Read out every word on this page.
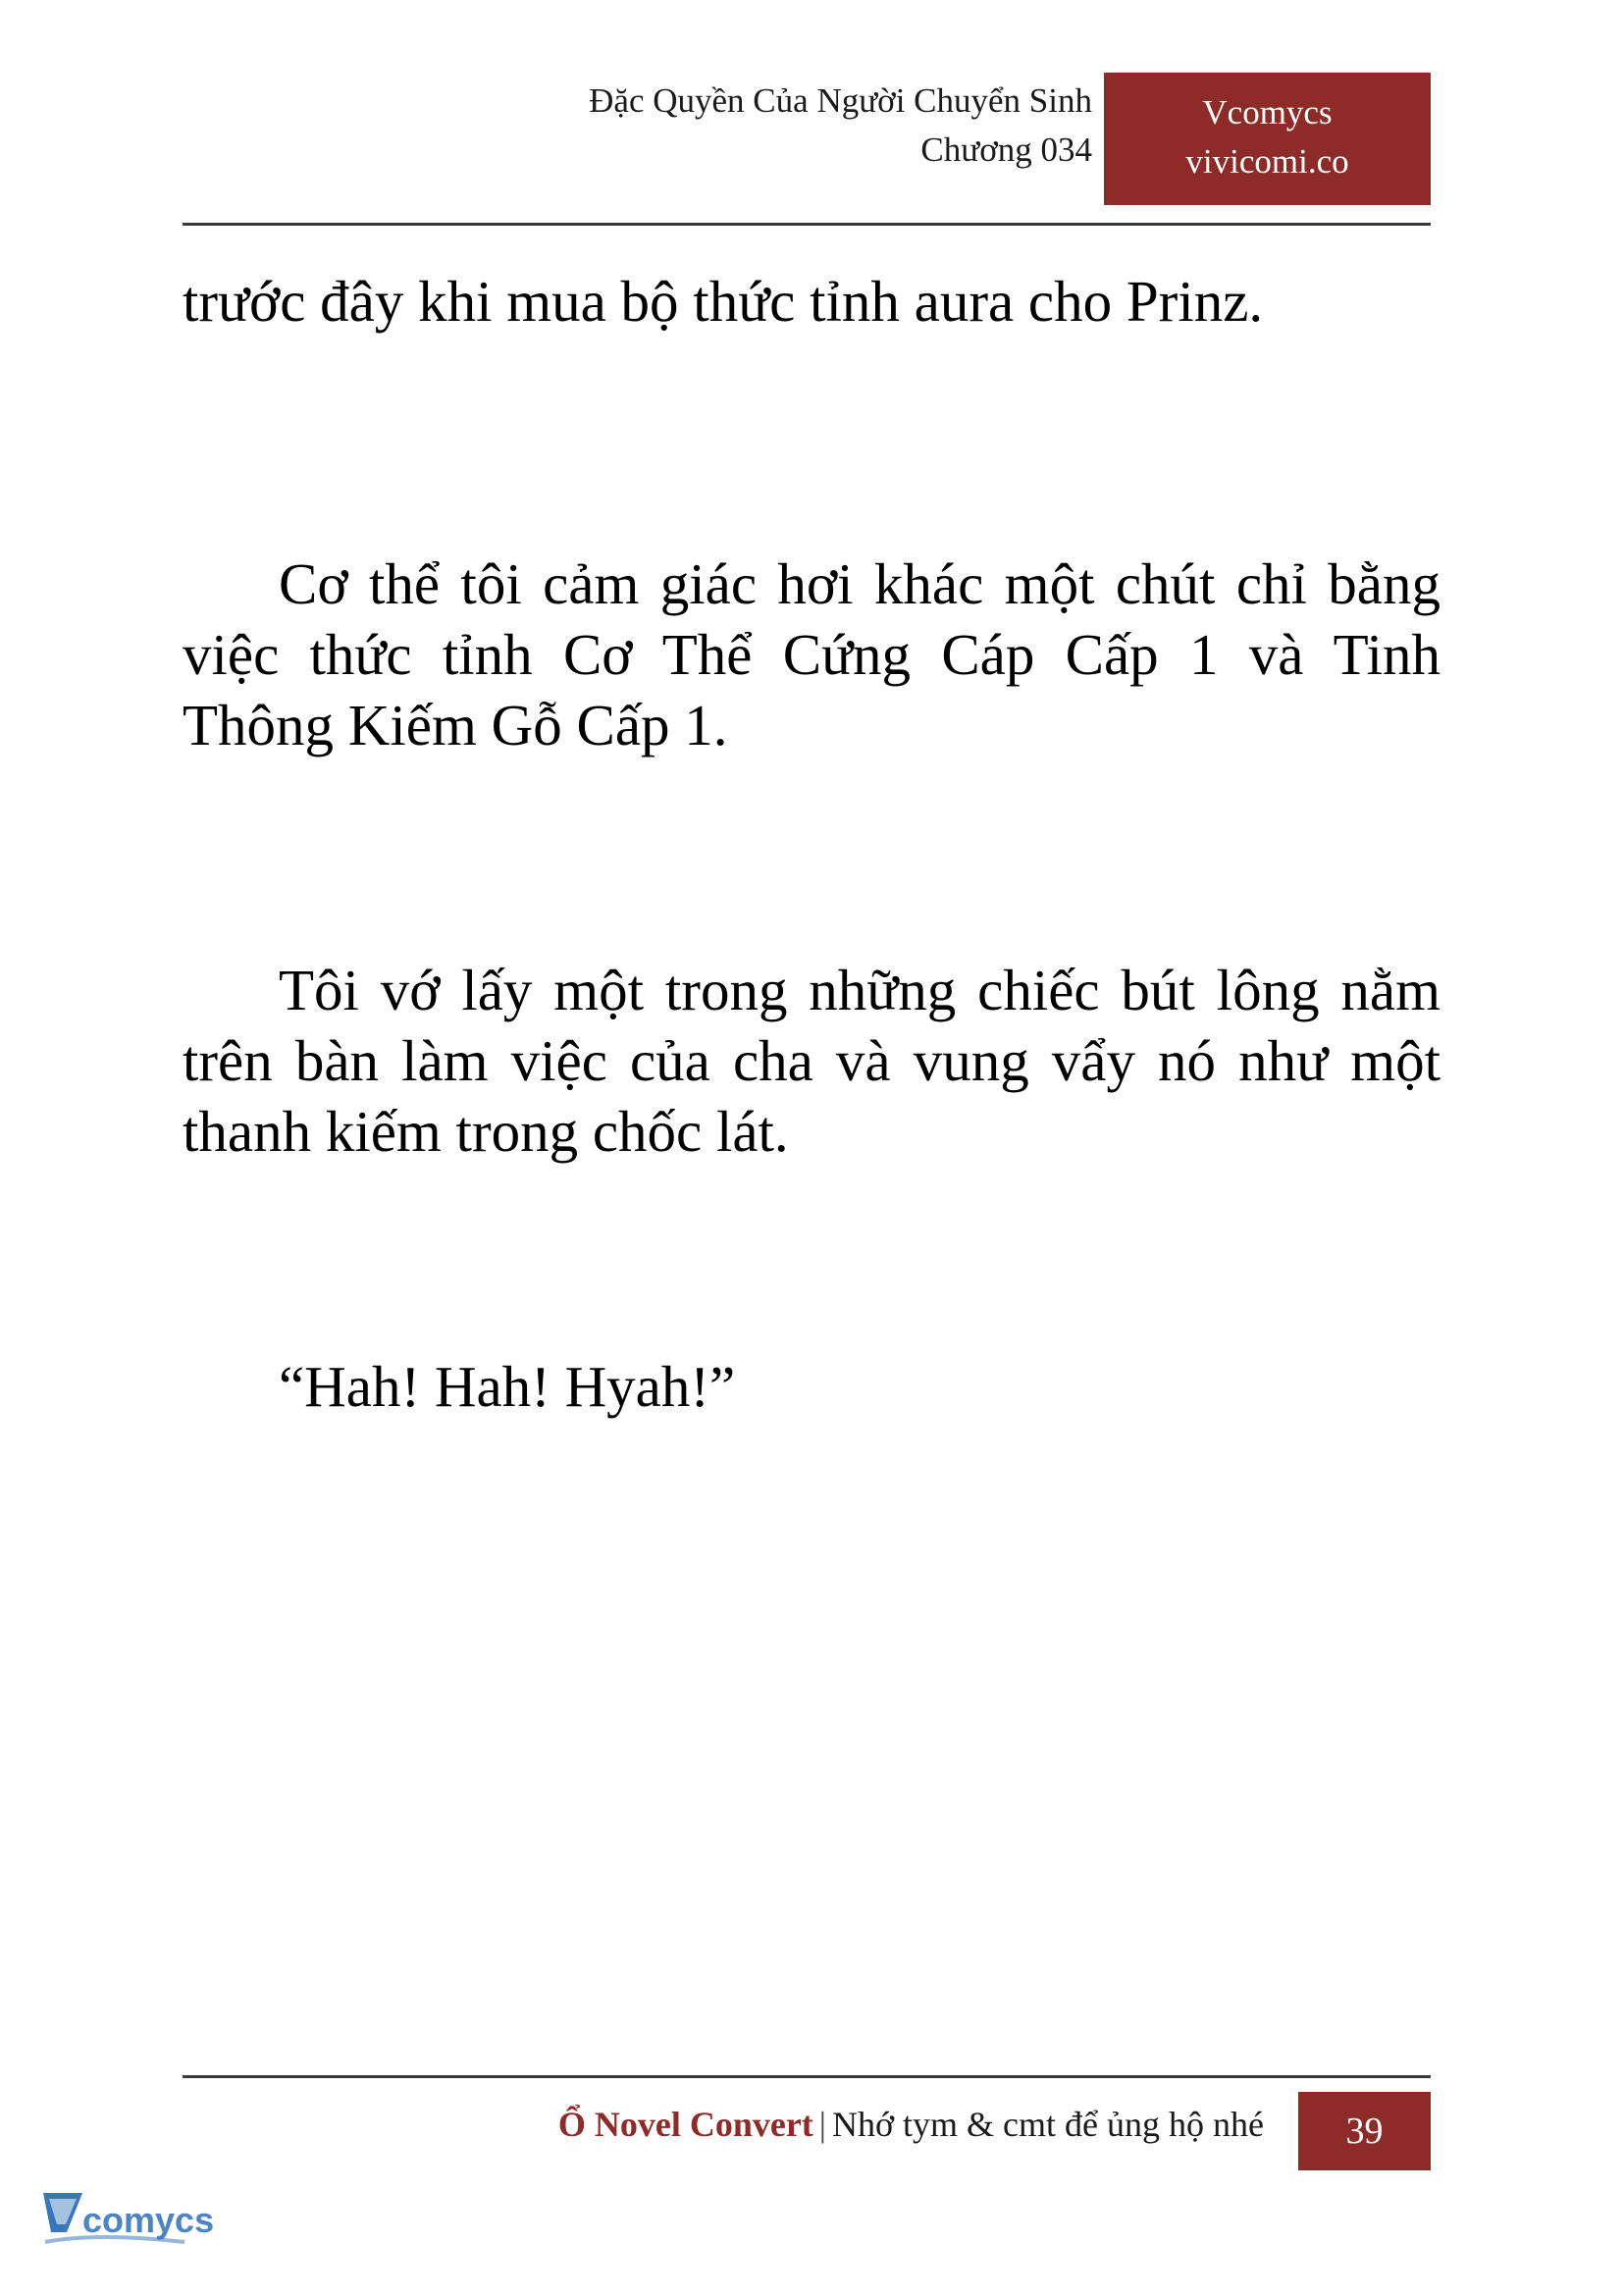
Đặc Quyền Của Người Chuyển Sinh
Chương 034
Vcomycs
vivicomi.co

trước đây khi mua bộ thức tỉnh aura cho Prinz.

Cơ thể tôi cảm giác hơi khác một chút chỉ bằng việc thức tỉnh Cơ Thể Cứng Cáp Cấp 1 và Tinh Thông Kiếm Gỗ Cấp 1.

Tôi vớ lấy một trong những chiếc bút lông nằm trên bàn làm việc của cha và vung vẩy nó như một thanh kiếm trong chốc lát.

“Hah! Hah! Hyah!”

Ổ Novel Convert | Nhớ tym & cmt để ủng hộ nhé	39
comycs
